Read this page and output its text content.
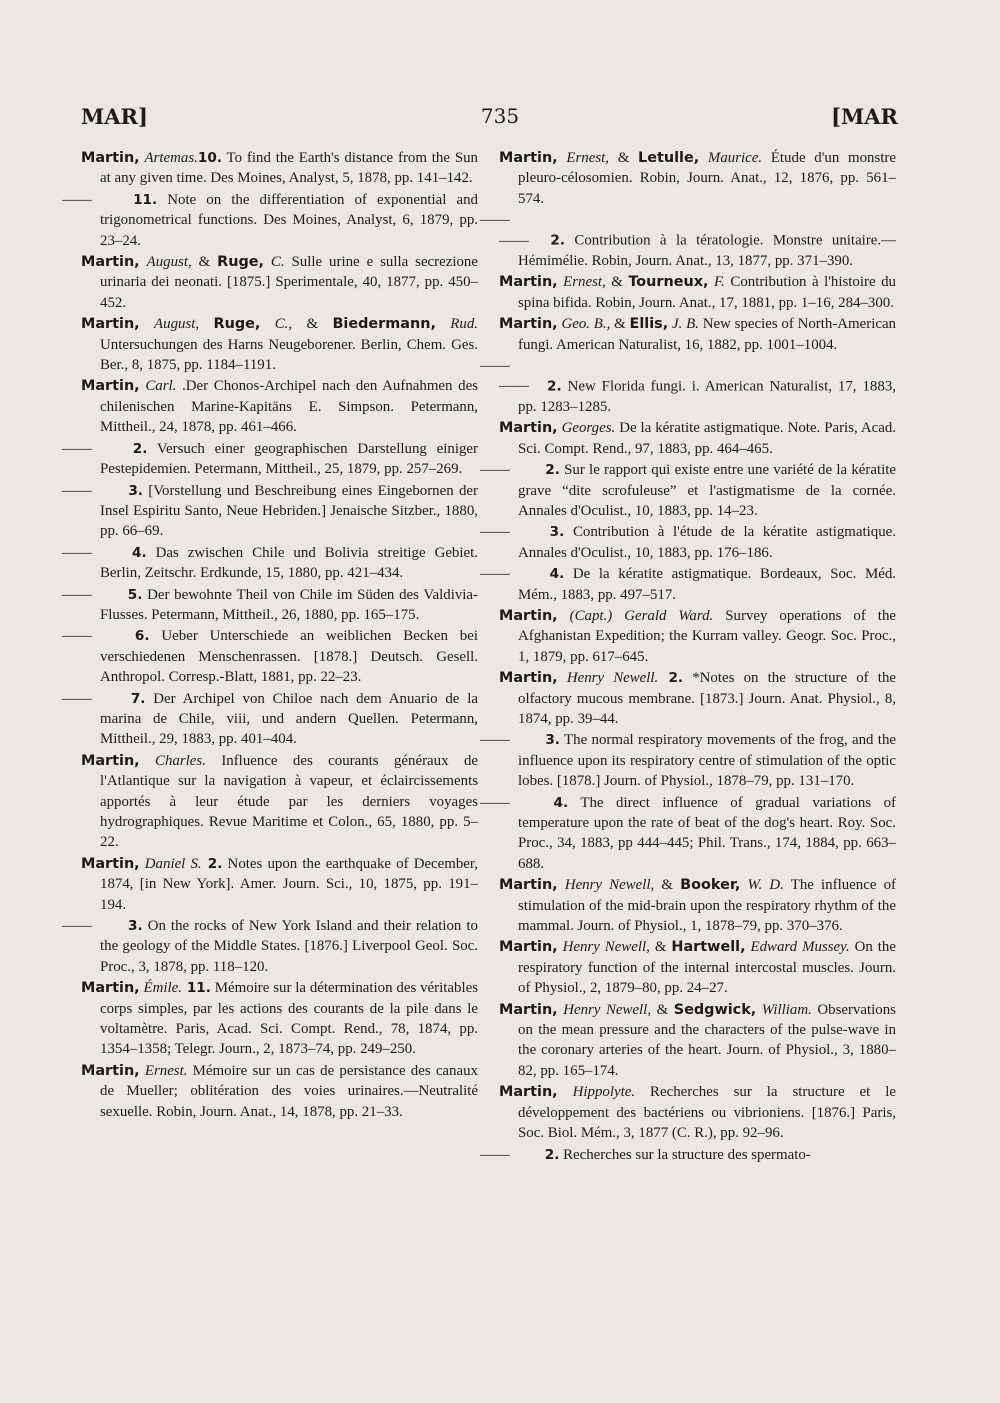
MAR]	735	[MAR

Martin, Artemas.10. To find the Earth's distance from the Sun at any given time. Des Moines, Analyst, 5, 1878, pp. 141–142.

——	11. Note on the differentiation of exponential and trigonometrical functions. Des Moines, Analyst, 6, 1879, pp. 23–24.

Martin, August, & Ruge, C. Sulle urine e sulla secrezione urinaria dei neonati. [1875.] Sperimentale, 40, 1877, pp. 450–452.

Martin, August, Ruge, C., & Biedermann, Rud. Untersuchungen des Harns Neugeborener. Berlin, Chem. Ges. Ber., 8, 1875, pp. 1184–1191.

Martin, Carl. .Der Chonos-Archipel nach den Aufnahmen des chilenischen Marine-Kapitäns E. Simpson. Petermann, Mittheil., 24, 1878, pp. 461–466.

——	2. Versuch einer geographischen Darstellung einiger Pestepidemien. Petermann, Mittheil., 25, 1879, pp. 257–269.

——	3. [Vorstellung und Beschreibung eines Eingebornen der Insel Espiritu Santo, Neue Hebriden.] Jenaische Sitzber., 1880, pp. 66–69.

——	4. Das zwischen Chile und Bolivia streitige Gebiet. Berlin, Zeitschr. Erdkunde, 15, 1880, pp. 421–434.

——	5. Der bewohnte Theil von Chile im Süden des Valdivia-Flusses. Petermann, Mittheil., 26, 1880, pp. 165–175.

——	6. Ueber Unterschiede an weiblichen Becken bei verschiedenen Menschenrassen. [1878.] Deutsch. Gesell. Anthropol. Corresp.-Blatt, 1881, pp. 22–23.

——	7. Der Archipel von Chiloe nach dem Anuario de la marina de Chile, viii, und andern Quellen. Petermann, Mittheil., 29, 1883, pp. 401–404.

Martin, Charles. Influence des courants généraux de l'Atlantique sur la navigation à vapeur, et éclaircissements apportés à leur étude par les derniers voyages hydrographiques. Revue Maritime et Colon., 65, 1880, pp. 5–22.

Martin, Daniel S. 2. Notes upon the earthquake of December, 1874, [in New York]. Amer. Journ. Sci., 10, 1875, pp. 191–194.

——	3. On the rocks of New York Island and their relation to the geology of the Middle States. [1876.] Liverpool Geol. Soc. Proc., 3, 1878, pp. 118–120.

Martin, Émile. 11. Mémoire sur la détermination des véritables corps simples, par les actions des courants de la pile dans le voltamètre. Paris, Acad. Sci. Compt. Rend., 78, 1874, pp. 1354–1358; Telegr. Journ., 2, 1873–74, pp. 249–250.

Martin, Ernest. Mémoire sur un cas de persistance des canaux de Mueller; oblitération des voies urinaires.—Neutralité sexuelle. Robin, Journ. Anat., 14, 1878, pp. 21–33.

Martin, Ernest, & Letulle, Maurice. Étude d'un monstre pleuro-célosomien. Robin, Journ. Anat., 12, 1876, pp. 561–574.

—— —— 2. Contribution à la tératologie. Monstre unitaire.—Hémimélie. Robin, Journ. Anat., 13, 1877, pp. 371–390.

Martin, Ernest, & Tourneux, F. Contribution à l'histoire du spina bifida. Robin, Journ. Anat., 17, 1881, pp. 1–16, 284–300.

Martin, Geo. B., & Ellis, J. B. New species of North-American fungi. American Naturalist, 16, 1882, pp. 1001–1004.

—— —— 2. New Florida fungi. i. American Naturalist, 17, 1883, pp. 1283–1285.

Martin, Georges. De la kératite astigmatique. Note. Paris, Acad. Sci. Compt. Rend., 97, 1883, pp. 464–465.

——	2. Sur le rapport qui existe entre une variété de la kératite grave “dite scrofuleuse” et l'astigmatisme de la cornée. Annales d'Oculist., 10, 1883, pp. 14–23.

——	3. Contribution à l'étude de la kératite astigmatique. Annales d'Oculist., 10, 1883, pp. 176–186.

——	4. De la kératite astigmatique. Bordeaux, Soc. Méd. Mém., 1883, pp. 497–517.

Martin, (Capt.) Gerald Ward. Survey operations of the Afghanistan Expedition; the Kurram valley. Geogr. Soc. Proc., 1, 1879, pp. 617–645.

Martin, Henry Newell. 2. *Notes on the structure of the olfactory mucous membrane. [1873.] Journ. Anat. Physiol., 8, 1874, pp. 39–44.

——	3. The normal respiratory movements of the frog, and the influence upon its respiratory centre of stimulation of the optic lobes. [1878.] Journ. of Physiol., 1878–79, pp. 131–170.

——	4. The direct influence of gradual variations of temperature upon the rate of beat of the dog's heart. Roy. Soc. Proc., 34, 1883, pp 444–445; Phil. Trans., 174, 1884, pp. 663–688.

Martin, Henry Newell, & Booker, W. D. The influence of stimulation of the mid-brain upon the respiratory rhythm of the mammal. Journ. of Physiol., 1, 1878–79, pp. 370–376.

Martin, Henry Newell, & Hartwell, Edward Mussey. On the respiratory function of the internal intercostal muscles. Journ. of Physiol., 2, 1879–80, pp. 24–27.

Martin, Henry Newell, & Sedgwick, William. Observations on the mean pressure and the characters of the pulse-wave in the coronary arteries of the heart. Journ. of Physiol., 3, 1880–82, pp. 165–174.

Martin, Hippolyte. Recherches sur la structure et le développement des bactériens ou vibrioniens. [1876.] Paris, Soc. Biol. Mém., 3, 1877 (C. R.), pp. 92–96.

——	2. Recherches sur la structure des spermato-
